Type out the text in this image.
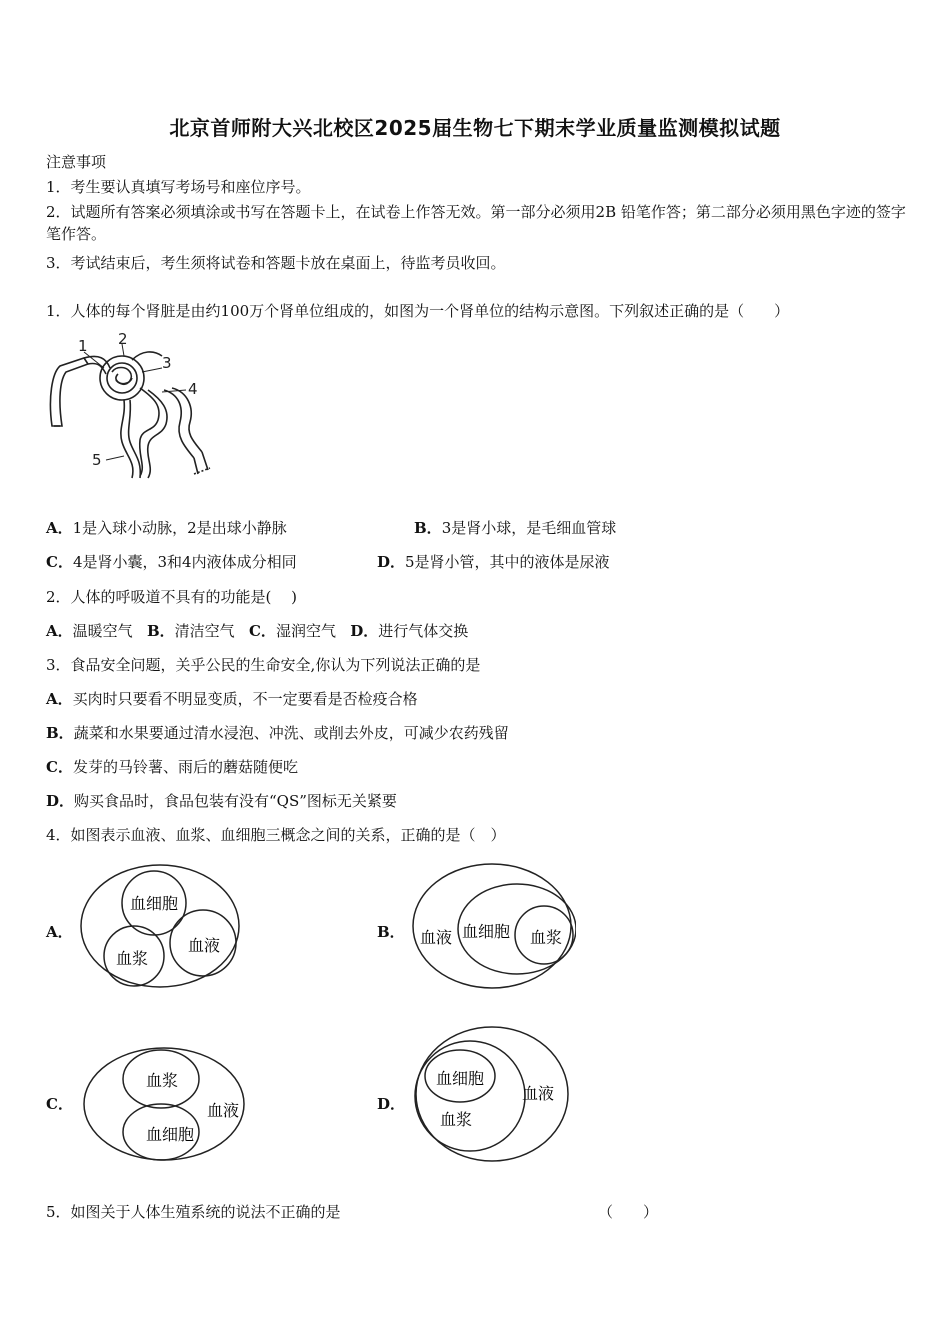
北京首师附大兴北校区2025届生物七下期末学业质量监测模拟试题
注意事项
1．考生要认真填写考场号和座位序号。
2．试题所有答案必须填涂或书写在答题卡上，在试卷上作答无效。第一部分必须用2B 铅笔作答；第二部分必须用黑色字迹的签字笔作答。
3．考试结束后，考生须将试卷和答题卡放在桌面上，待监考员收回。
1．人体的每个肾脏是由约100万个肾单位组成的，如图为一个肾单位的结构示意图。下列叙述正确的是（　　）
1 2
3
4
5
A．1是入球小动脉，2是出球小静脉	B．3是肾小球，是毛细血管球
C．4是肾小囊，3和4内液体成分相同	D．5是肾小管，其中的液体是尿液
2．人体的呼吸道不具有的功能是(　 )
A．温暖空气 B．清洁空气 C．湿润空气 D．进行气体交换
3．食品安全问题，关乎公民的生命安全,你认为下列说法正确的是
A．买肉时只要看不明显变质，不一定要看是否检疫合格
B．蔬菜和水果要通过清水浸泡、冲洗、或削去外皮，可减少农药残留
C．发芽的马铃薯、雨后的蘑菇随便吃
D．购买食品时，食品包装有没有“QS”图标无关紧要
4．如图表示血液、血浆、血细胞三概念之间的关系，正确的是（　）
A．
血细胞
血浆
血液
B． 血液 血细胞 血浆
C．
血浆
血液
血细胞
D．
血细胞
血液
血浆
5．如图关于人体生殖系统的说法不正确的是	（　　）
